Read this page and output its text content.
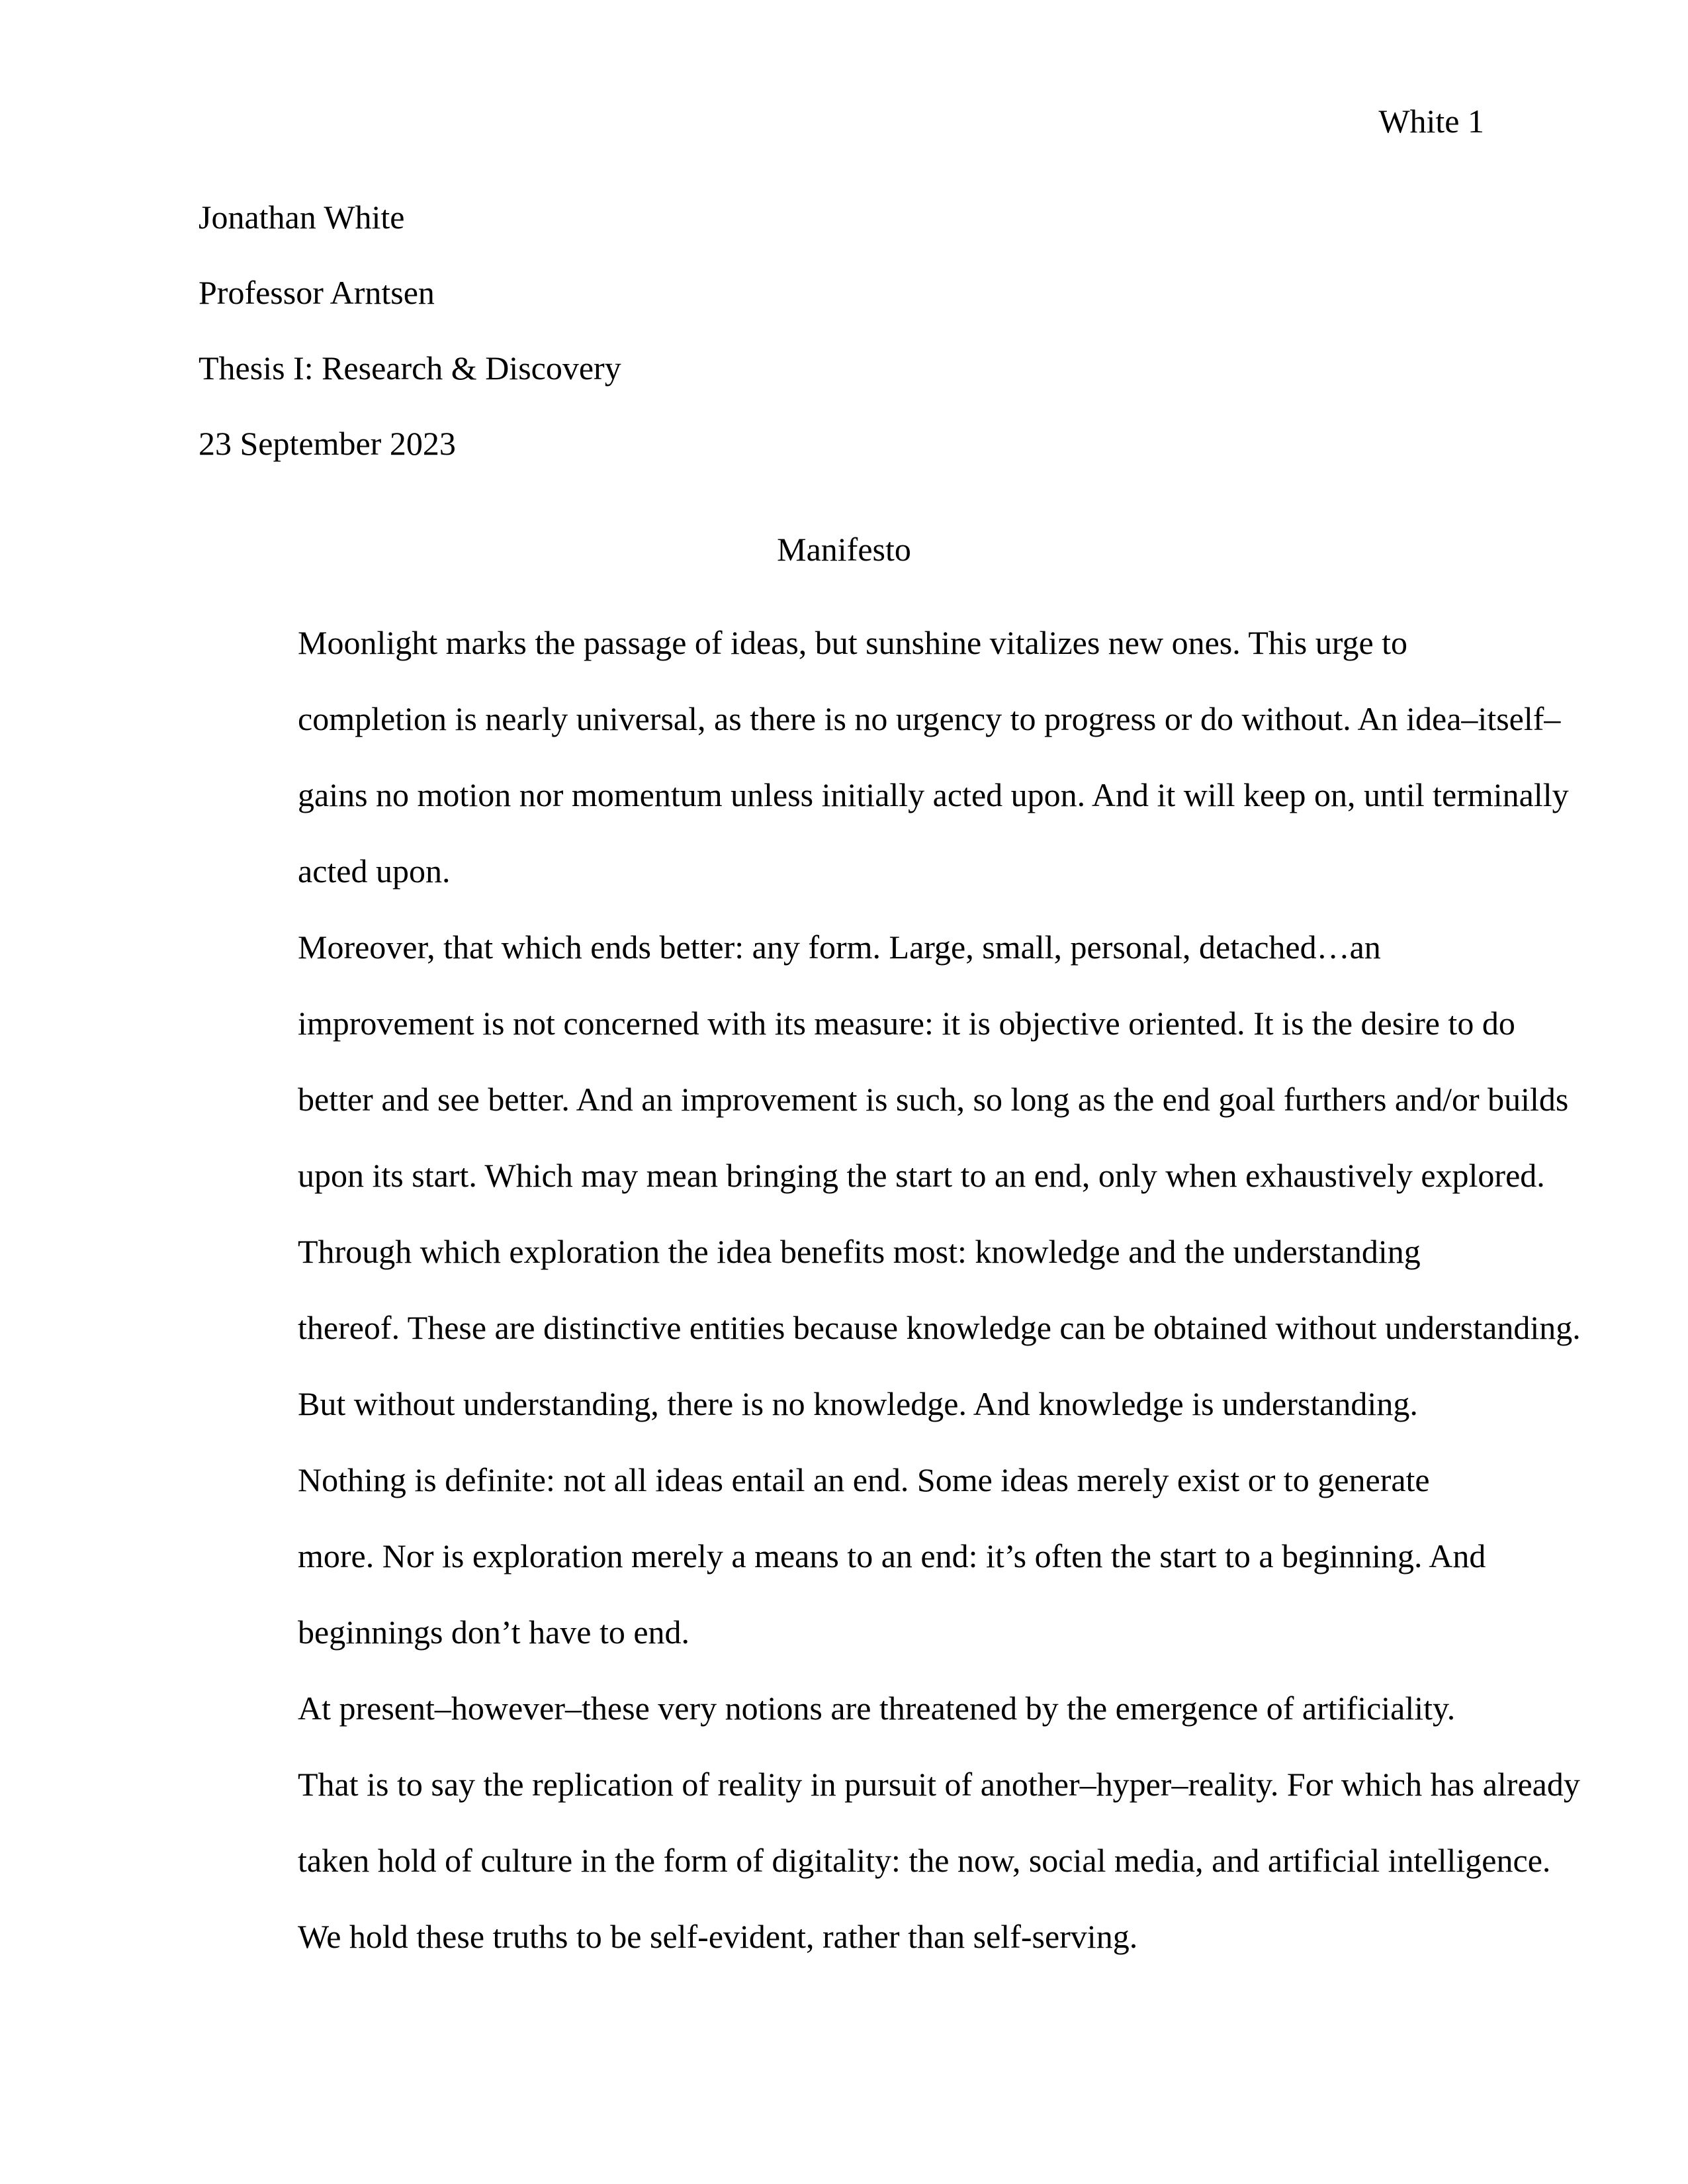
White 1
Jonathan White
Professor Arntsen
Thesis I: Research & Discovery
23 September 2023
Manifesto

Moonlight marks the passage of ideas, but sunshine vitalizes new ones. This urge to
completion is nearly universal, as there is no urgency to progress or do without. An idea–itself–
gains no motion nor momentum unless initially acted upon. And it will keep on, until terminally
acted upon.

Moreover, that which ends better: any form. Large, small, personal, detached…an
improvement is not concerned with its measure: it is objective oriented. It is the desire to do
better and see better. And an improvement is such, so long as the end goal furthers and/or builds
upon its start. Which may mean bringing the start to an end, only when exhaustively explored.

Through which exploration the idea benefits most: knowledge and the understanding
thereof. These are distinctive entities because knowledge can be obtained without understanding.
But without understanding, there is no knowledge. And knowledge is understanding.

Nothing is definite: not all ideas entail an end. Some ideas merely exist or to generate
more. Nor is exploration merely a means to an end: it’s often the start to a beginning. And
beginnings don’t have to end.

At present–however–these very notions are threatened by the emergence of artificiality.
That is to say the replication of reality in pursuit of another–hyper–reality. For which has already
taken hold of culture in the form of digitality: the now, social media, and artificial intelligence.
We hold these truths to be self-evident, rather than self-serving.
